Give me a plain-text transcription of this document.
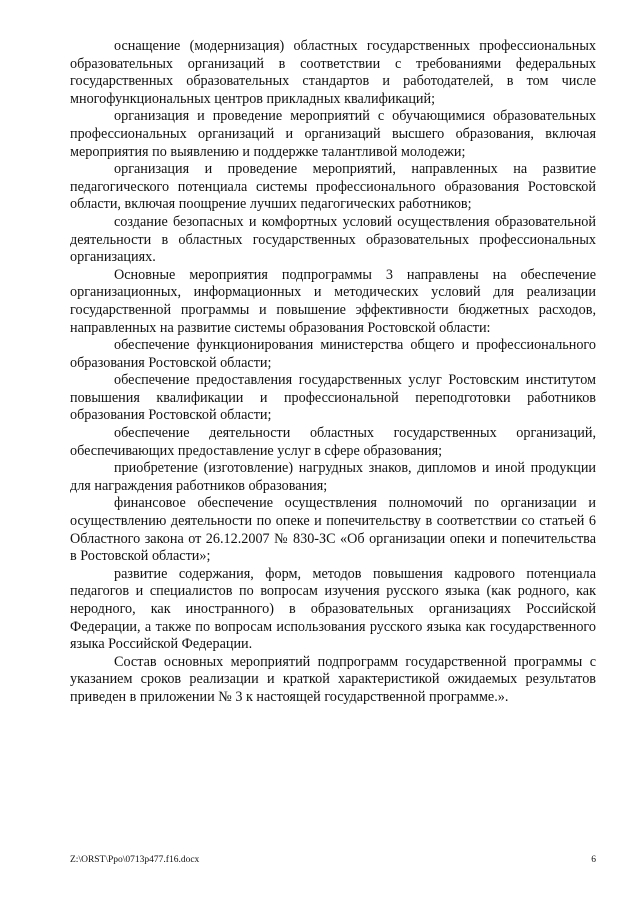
оснащение (модернизация) областных государственных профессиональных образовательных организаций в соответствии с требованиями федеральных государственных образовательных стандартов и работодателей, в том числе многофункциональных центров прикладных квалификаций;

организация и проведение мероприятий с обучающимися образовательных профессиональных организаций и организаций высшего образования, включая мероприятия по выявлению и поддержке талантливой молодежи;

организация и проведение мероприятий, направленных на развитие педагогического потенциала системы профессионального образования Ростовской области, включая поощрение лучших педагогических работников;

создание безопасных и комфортных условий осуществления образовательной деятельности в областных государственных образовательных профессиональных организациях.

Основные мероприятия подпрограммы 3 направлены на обеспечение организационных, информационных и методических условий для реализации государственной программы и повышение эффективности бюджетных расходов, направленных на развитие системы образования Ростовской области:

обеспечение функционирования министерства общего и профессионального образования Ростовской области;

обеспечение предоставления государственных услуг Ростовским институтом повышения квалификации и профессиональной переподготовки работников образования Ростовской области;

обеспечение деятельности областных государственных организаций, обеспечивающих предоставление услуг в сфере образования;

приобретение (изготовление) нагрудных знаков, дипломов и иной продукции для награждения работников образования;

финансовое обеспечение осуществления полномочий по организации и осуществлению деятельности по опеке и попечительству в соответствии со статьей 6 Областного закона от 26.12.2007 № 830-ЗС «Об организации опеки и попечительства в Ростовской области»;

развитие содержания, форм, методов повышения кадрового потенциала педагогов и специалистов по вопросам изучения русского языка (как родного, как неродного, как иностранного) в образовательных организациях Российской Федерации, а также по вопросам использования русского языка как государственного языка Российской Федерации.

Состав основных мероприятий подпрограмм государственной программы с указанием сроков реализации и краткой характеристикой ожидаемых результатов приведен в приложении № 3 к настоящей государственной программе.».

Z:\ORST\Ppo\0713p477.f16.docx	6
